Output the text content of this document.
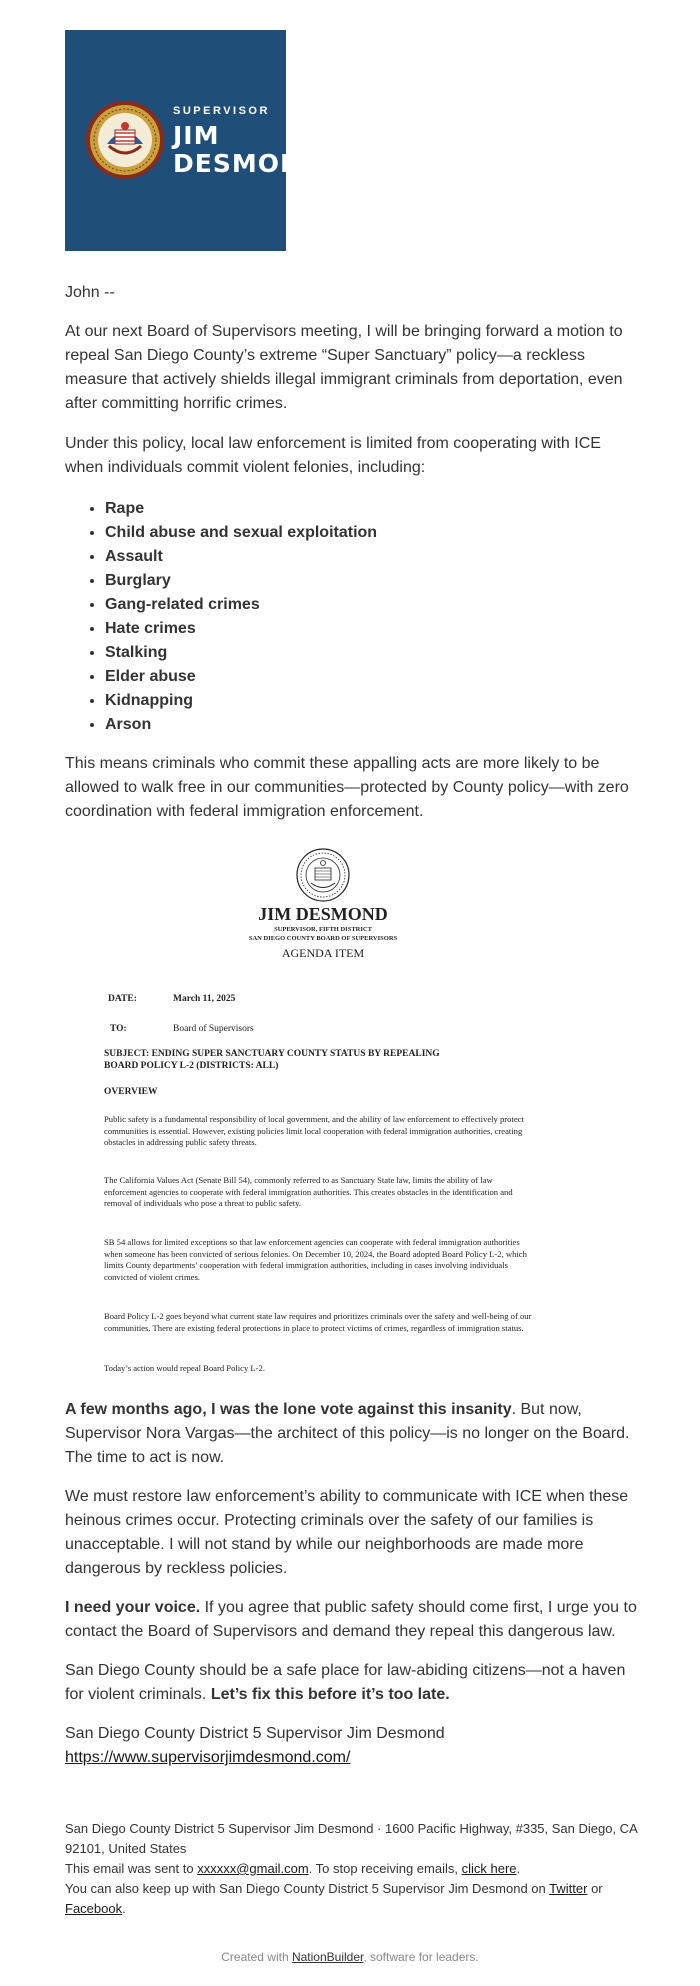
SUPERVISOR
JIM
DESMOND

John --

At our next Board of Supervisors meeting, I will be bringing forward a motion to repeal San Diego County’s extreme “Super Sanctuary” policy—a reckless measure that actively shields illegal immigrant criminals from deportation, even after committing horrific crimes.

Under this policy, local law enforcement is limited from cooperating with ICE when individuals commit violent felonies, including:

• Rape
• Child abuse and sexual exploitation
• Assault
• Burglary
• Gang-related crimes
• Hate crimes
• Stalking
• Elder abuse
• Kidnapping
• Arson

This means criminals who commit these appalling acts are more likely to be allowed to walk free in our communities—protected by County policy—with zero coordination with federal immigration enforcement.

JIM DESMOND
SUPERVISOR, FIFTH DISTRICT
SAN DIEGO COUNTY BOARD OF SUPERVISORS
AGENDA ITEM
DATE:	March 11, 2025
TO:	Board of Supervisors
SUBJECT: ENDING SUPER SANCTUARY COUNTY STATUS BY REPEALING
BOARD POLICY L-2 (DISTRICTS: ALL)
OVERVIEW

Public safety is a fundamental responsibility of local government, and the ability of law enforcement to effectively protect communities is essential. However, existing policies limit local cooperation with federal immigration authorities, creating obstacles in addressing public safety threats.

The California Values Act (Senate Bill 54), commonly referred to as Sanctuary State law, limits the ability of law enforcement agencies to cooperate with federal immigration authorities. This creates obstacles in the identification and removal of individuals who pose a threat to public safety.

SB 54 allows for limited exceptions so that law enforcement agencies can cooperate with federal immigration authorities when someone has been convicted of serious felonies. On December 10, 2024, the Board adopted Board Policy L-2, which limits County departments’ cooperation with federal immigration authorities, including in cases involving individuals convicted of violent crimes.

Board Policy L-2 goes beyond what current state law requires and prioritizes criminals over the safety and well-being of our communities. There are existing federal protections in place to protect victims of crimes, regardless of immigration status.

Today’s action would repeal Board Policy L-2.

A few months ago, I was the lone vote against this insanity. But now, Supervisor Nora Vargas—the architect of this policy—is no longer on the Board. The time to act is now.

We must restore law enforcement’s ability to communicate with ICE when these heinous crimes occur. Protecting criminals over the safety of our families is unacceptable. I will not stand by while our neighborhoods are made more dangerous by reckless policies.

I need your voice. If you agree that public safety should come first, I urge you to contact the Board of Supervisors and demand they repeal this dangerous law.

San Diego County should be a safe place for law-abiding citizens—not a haven for violent criminals. Let’s fix this before it’s too late.

San Diego County District 5 Supervisor Jim Desmond

https://www.supervisorjimdesmond.com/

San Diego County District 5 Supervisor Jim Desmond · 1600 Pacific Highway, #335, San Diego, CA 92101, United States
This email was sent to xxxxxx@gmail.com. To stop receiving emails, click here.
You can also keep up with San Diego County District 5 Supervisor Jim Desmond on Twitter or Facebook.
Created with NationBuilder, software for leaders.
